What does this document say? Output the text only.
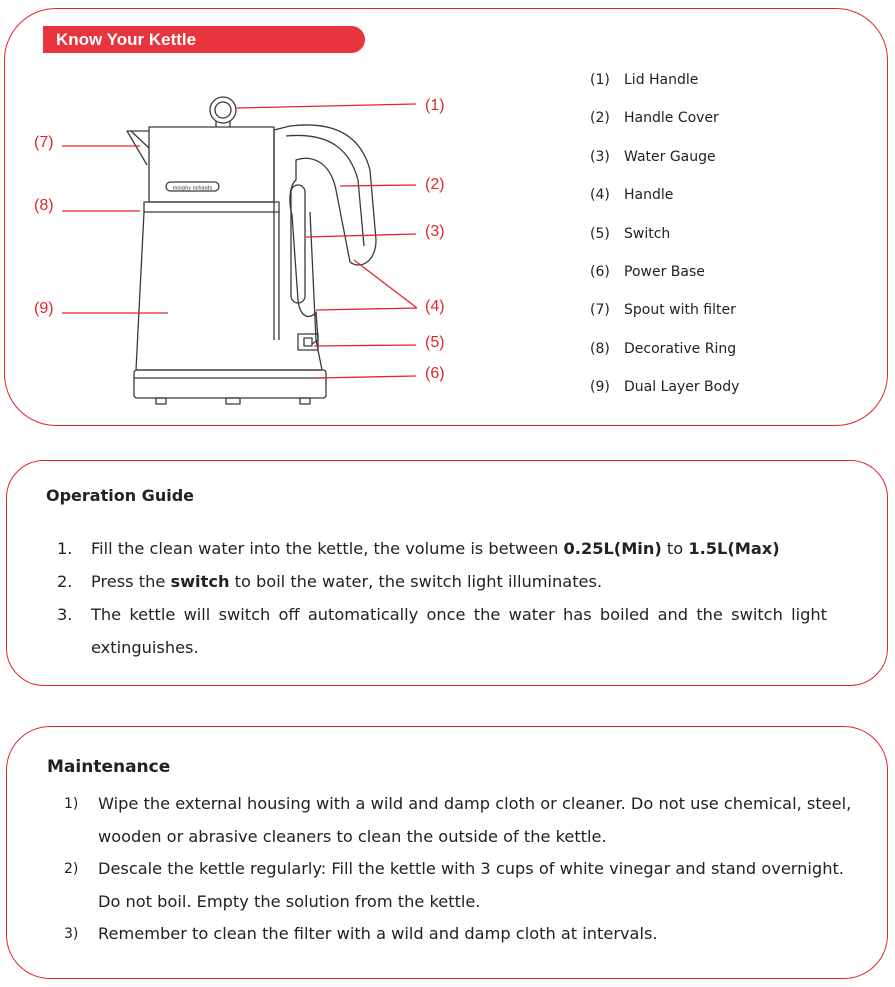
Know Your Kettle
morphy richards
(1)
(2)
(3)
(4)
(5)
(6)
(7)
(8)
(9)
(1) Lid Handle
(2) Handle Cover
(3) Water Gauge
(4) Handle
(5) Switch
(6) Power Base
(7) Spout with filter
(8) Decorative Ring
(9) Dual Layer Body
Operation Guide
1. Fill the clean water into the kettle, the volume is between 0.25L(Min) to 1.5L(Max)
2. Press the switch to boil the water, the switch light illuminates.
3. The kettle will switch off automatically once the water has boiled and the switch light extinguishes.
Maintenance
1) Wipe the external housing with a wild and damp cloth or cleaner. Do not use chemical, steel, wooden or abrasive cleaners to clean the outside of the kettle.
2) Descale the kettle regularly: Fill the kettle with 3 cups of white vinegar and stand overnight. Do not boil. Empty the solution from the kettle.
3) Remember to clean the filter with a wild and damp cloth at intervals.
